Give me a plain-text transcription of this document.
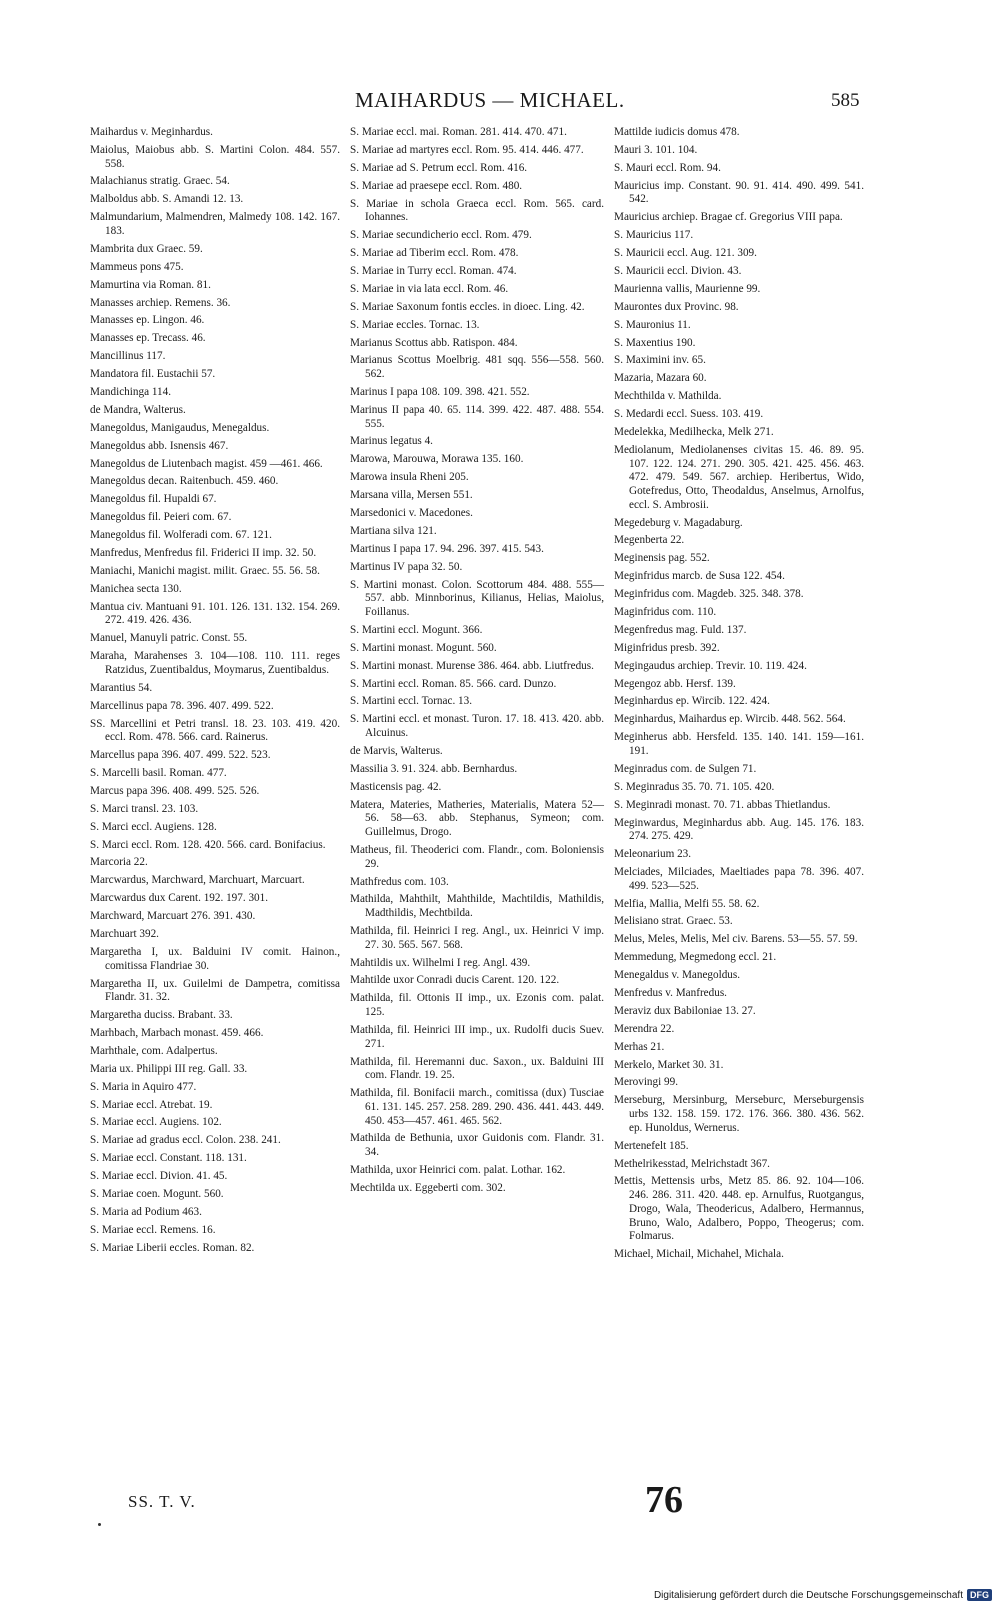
MAIHARDUS — MICHAEL.	585

Maihardus v. Meginhardus.

Maiolus, Maiobus abb. S. Martini Colon. 484. 557. 558.

Malachianus stratig. Graec. 54.

Malboldus abb. S. Amandi 12. 13.

Malmundarium, Malmendren, Malmedy 108. 142. 167. 183.

Mambrita dux Graec. 59.

Mammeus pons 475.

Mamurtina via Roman. 81.

Manasses archiep. Remens. 36.

Manasses ep. Lingon. 46.

Manasses ep. Trecass. 46.

Mancillinus 117.

Mandatora fil. Eustachii 57.

Mandichinga 114.

de Mandra, Walterus.

Manegoldus, Manigaudus, Menegaldus.

Manegoldus abb. Isnensis 467.

Manegoldus de Liutenbach magist. 459 —461. 466.

Manegoldus decan. Raitenbuch. 459. 460.

Manegoldus fil. Hupaldi 67.

Manegoldus fil. Peieri com. 67.

Manegoldus fil. Wolferadi com. 67. 121.

Manfredus, Menfredus fil. Friderici II imp. 32. 50.

Maniachi, Manichi magist. milit. Graec. 55. 56. 58.

Manichea secta 130.

Mantua civ. Mantuani 91. 101. 126. 131. 132. 154. 269. 272. 419. 426. 436.

Manuel, Manuyli patric. Const. 55.

Maraha, Marahenses 3. 104—108. 110. 111. reges Ratzidus, Zuentibaldus, Moymarus, Zuentibaldus.

Marantius 54.

Marcellinus papa 78. 396. 407. 499. 522.

SS. Marcellini et Petri transl. 18. 23. 103. 419. 420. eccl. Rom. 478. 566. card. Rainerus.

Marcellus papa 396. 407. 499. 522. 523.

S. Marcelli basil. Roman. 477.

Marcus papa 396. 408. 499. 525. 526.

S. Marci transl. 23. 103.

S. Marci eccl. Augiens. 128.

S. Marci eccl. Rom. 128. 420. 566. card. Bonifacius.

Marcoria 22.

Marcwardus, Marchward, Marchuart, Marcuart.

Marcwardus dux Carent. 192. 197. 301.

Marchward, Marcuart 276. 391. 430.

Marchuart 392.

Margaretha I, ux. Balduini IV comit. Hainon., comitissa Flandriae 30.

Margaretha II, ux. Guilelmi de Dampetra, comitissa Flandr. 31. 32.

Margaretha duciss. Brabant. 33.

Marhbach, Marbach monast. 459. 466.

Marhthale, com. Adalpertus.

Maria ux. Philippi III reg. Gall. 33.

S. Maria in Aquiro 477.

S. Mariae eccl. Atrebat. 19.

S. Mariae eccl. Augiens. 102.

S. Mariae ad gradus eccl. Colon. 238. 241.

S. Mariae eccl. Constant. 118. 131.

S. Mariae eccl. Divion. 41. 45.

S. Mariae coen. Mogunt. 560.

S. Maria ad Podium 463.

S. Mariae eccl. Remens. 16.

S. Mariae Liberii eccles. Roman. 82.

S. Mariae eccl. mai. Roman. 281. 414. 470. 471.

S. Mariae ad martyres eccl. Rom. 95. 414. 446. 477.

S. Mariae ad S. Petrum eccl. Rom. 416.

S. Mariae ad praesepe eccl. Rom. 480.

S. Mariae in schola Graeca eccl. Rom. 565. card. Iohannes.

S. Mariae secundicherio eccl. Rom. 479.

S. Mariae ad Tiberim eccl. Rom. 478.

S. Mariae in Turry eccl. Roman. 474.

S. Mariae in via lata eccl. Rom. 46.

S. Mariae Saxonum fontis eccles. in dioec. Ling. 42.

S. Mariae eccles. Tornac. 13.

Marianus Scottus abb. Ratispon. 484.

Marianus Scottus Moelbrig. 481 sqq. 556—558. 560. 562.

Marinus I papa 108. 109. 398. 421. 552.

Marinus II papa 40. 65. 114. 399. 422. 487. 488. 554. 555.

Marinus legatus 4.

Marowa, Marouwa, Morawa 135. 160.

Marowa insula Rheni 205.

Marsana villa, Mersen 551.

Marsedonici v. Macedones.

Martiana silva 121.

Martinus I papa 17. 94. 296. 397. 415. 543.

Martinus IV papa 32. 50.

S. Martini monast. Colon. Scottorum 484. 488. 555—557. abb. Minnborinus, Kilianus, Helias, Maiolus, Foillanus.

S. Martini eccl. Mogunt. 366.

S. Martini monast. Mogunt. 560.

S. Martini monast. Murense 386. 464. abb. Liutfredus.

S. Martini eccl. Roman. 85. 566. card. Dunzo.

S. Martini eccl. Tornac. 13.

S. Martini eccl. et monast. Turon. 17. 18. 413. 420. abb. Alcuinus.

de Marvis, Walterus.

Massilia 3. 91. 324. abb. Bernhardus.

Masticensis pag. 42.

Matera, Materies, Matheries, Materialis, Matera 52—56. 58—63. abb. Stephanus, Symeon; com. Guillelmus, Drogo.

Matheus, fil. Theoderici com. Flandr., com. Boloniensis 29.

Mathfredus com. 103.

Mathilda, Mahthilt, Mahthilde, Machtildis, Mathildis, Madthildis, Mechtbilda.

Mathilda, fil. Heinrici I reg. Angl., ux. Heinrici V imp. 27. 30. 565. 567. 568.

Mahtildis ux. Wilhelmi I reg. Angl. 439.

Mahtilde uxor Conradi ducis Carent. 120. 122.

Mathilda, fil. Ottonis II imp., ux. Ezonis com. palat. 125.

Mathilda, fil. Heinrici III imp., ux. Rudolfi ducis Suev. 271.

Mathilda, fil. Heremanni duc. Saxon., ux. Balduini III com. Flandr. 19. 25.

Mathilda, fil. Bonifacii march., comitissa (dux) Tusciae 61. 131. 145. 257. 258. 289. 290. 436. 441. 443. 449. 450. 453—457. 461. 465. 562.

Mathilda de Bethunia, uxor Guidonis com. Flandr. 31. 34.

Mathilda, uxor Heinrici com. palat. Lothar. 162.

Mechtilda ux. Eggeberti com. 302.

Mattilde iudicis domus 478.

Mauri 3. 101. 104.

S. Mauri eccl. Rom. 94.

Mauricius imp. Constant. 90. 91. 414. 490. 499. 541. 542.

Mauricius archiep. Bragae cf. Gregorius VIII papa.

S. Mauricius 117.

S. Mauricii eccl. Aug. 121. 309.

S. Mauricii eccl. Divion. 43.

Maurienna vallis, Maurienne 99.

Maurontes dux Provinc. 98.

S. Mauronius 11.

S. Maxentius 190.

S. Maximini inv. 65.

Mazaria, Mazara 60.

Mechthilda v. Mathilda.

S. Medardi eccl. Suess. 103. 419.

Medelekka, Medilhecka, Melk 271.

Mediolanum, Mediolanenses civitas 15. 46. 89. 95. 107. 122. 124. 271. 290. 305. 421. 425. 456. 463. 472. 479. 549. 567. archiep. Heribertus, Wido, Gotefredus, Otto, Theodaldus, Anselmus, Arnolfus, eccl. S. Ambrosii.

Megedeburg v. Magadaburg.

Megenberta 22.

Meginensis pag. 552.

Meginfridus marcb. de Susa 122. 454.

Meginfridus com. Magdeb. 325. 348. 378.

Maginfridus com. 110.

Megenfredus mag. Fuld. 137.

Miginfridus presb. 392.

Megingaudus archiep. Trevir. 10. 119. 424.

Megengoz abb. Hersf. 139.

Meginhardus ep. Wircib. 122. 424.

Meginhardus, Maihardus ep. Wircib. 448. 562. 564.

Meginherus abb. Hersfeld. 135. 140. 141. 159—161. 191.

Meginradus com. de Sulgen 71.

S. Meginradus 35. 70. 71. 105. 420.

S. Meginradi monast. 70. 71. abbas Thietlandus.

Meginwardus, Meginhardus abb. Aug. 145. 176. 183. 274. 275. 429.

Meleonarium 23.

Melciades, Milciades, Maeltiades papa 78. 396. 407. 499. 523—525.

Melfia, Mallia, Melfi 55. 58. 62.

Melisiano strat. Graec. 53.

Melus, Meles, Melis, Mel civ. Barens. 53—55. 57. 59.

Memmedung, Megmedong eccl. 21.

Menegaldus v. Manegoldus.

Menfredus v. Manfredus.

Meraviz dux Babiloniae 13. 27.

Merendra 22.

Merhas 21.

Merkelo, Market 30. 31.

Merovingi 99.

Merseburg, Mersinburg, Merseburc, Merseburgensis urbs 132. 158. 159. 172. 176. 366. 380. 436. 562. ep. Hunoldus, Wernerus.

Mertenefelt 185.

Methelrikesstad, Melrichstadt 367.

Mettis, Mettensis urbs, Metz 85. 86. 92. 104—106. 246. 286. 311. 420. 448. ep. Arnulfus, Ruotgangus, Drogo, Wala, Theodericus, Adalbero, Hermannus, Bruno, Walo, Adalbero, Poppo, Theogerus; com. Folmarus.

Michael, Michail, Michahel, Michala.

SS. T. V.	76
Digitalisierung gefördert durch die Deutsche Forschungsgemeinschaft DFG
